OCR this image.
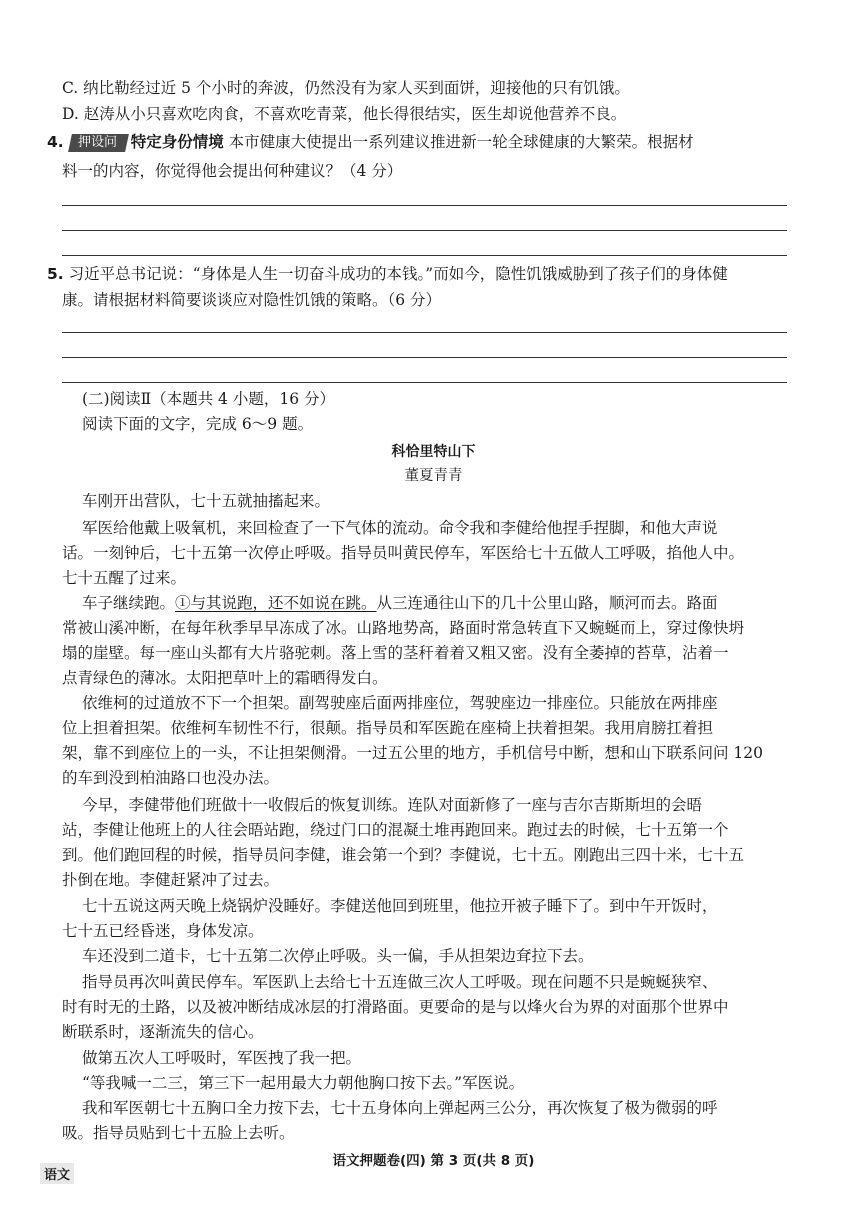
C. 纳比勒经过近 5 个小时的奔波，仍然没有为家人买到面饼，迎接他的只有饥饿。
D. 赵涛从小只喜欢吃肉食，不喜欢吃青菜，他长得很结实，医生却说他营养不良。
4. 押设问 特定身份情境 本市健康大使提出一系列建议推进新一轮全球健康的大繁荣。根据材
料一的内容，你觉得他会提出何种建议？（4 分）
5. 习近平总书记说：“身体是人生一切奋斗成功的本钱。”而如今，隐性饥饿威胁到了孩子们的身体健
康。请根据材料简要谈谈应对隐性饥饿的策略。（6 分）
(二)阅读Ⅱ（本题共 4 小题，16 分）
阅读下面的文字，完成 6～9 题。
科恰里特山下
董夏青青
车刚开出营队，七十五就抽搐起来。
军医给他戴上吸氧机，来回检查了一下气体的流动。命令我和李健给他捏手捏脚，和他大声说
话。一刻钟后，七十五第一次停止呼吸。指导员叫黄民停车，军医给七十五做人工呼吸，掐他人中。
七十五醒了过来。
车子继续跑。①与其说跑，还不如说在跳。从三连通往山下的几十公里山路，顺河而去。路面
常被山溪冲断，在每年秋季早早冻成了冰。山路地势高，路面时常急转直下又蜿蜒而上，穿过像快坍
塌的崖壁。每一座山头都有大片骆驼刺。落上雪的茎秆着着又粗又密。没有全萎掉的苔草，沾着一
点青绿色的薄冰。太阳把草叶上的霜晒得发白。
依维柯的过道放不下一个担架。副驾驶座后面两排座位，驾驶座边一排座位。只能放在两排座
位上担着担架。依维柯车韧性不行，很颠。指导员和军医跪在座椅上扶着担架。我用肩膀扛着担
架，靠不到座位上的一头，不让担架侧滑。一过五公里的地方，手机信号中断，想和山下联系问问 120
的车到没到柏油路口也没办法。
今早，李健带他们班做十一收假后的恢复训练。连队对面新修了一座与吉尔吉斯斯坦的会晤
站，李健让他班上的人往会晤站跑，绕过门口的混凝土堆再跑回来。跑过去的时候，七十五第一个
到。他们跑回程的时候，指导员问李健，谁会第一个到？李健说，七十五。刚跑出三四十米，七十五
扑倒在地。李健赶紧冲了过去。
七十五说这两天晚上烧锅炉没睡好。李健送他回到班里，他拉开被子睡下了。到中午开饭时，
七十五已经昏迷，身体发凉。
车还没到二道卡，七十五第二次停止呼吸。头一偏，手从担架边耷拉下去。
指导员再次叫黄民停车。军医趴上去给七十五连做三次人工呼吸。现在问题不只是蜿蜒狭窄、
时有时无的土路，以及被冲断结成冰层的打滑路面。更要命的是与以烽火台为界的对面那个世界中
断联系时，逐渐流失的信心。
做第五次人工呼吸时，军医拽了我一把。
“等我喊一二三，第三下一起用最大力朝他胸口按下去。”军医说。
我和军医朝七十五胸口全力按下去，七十五身体向上弹起两三公分，再次恢复了极为微弱的呼
吸。指导员贴到七十五脸上去听。
语文押题卷(四) 第 3 页(共 8 页)
语文
